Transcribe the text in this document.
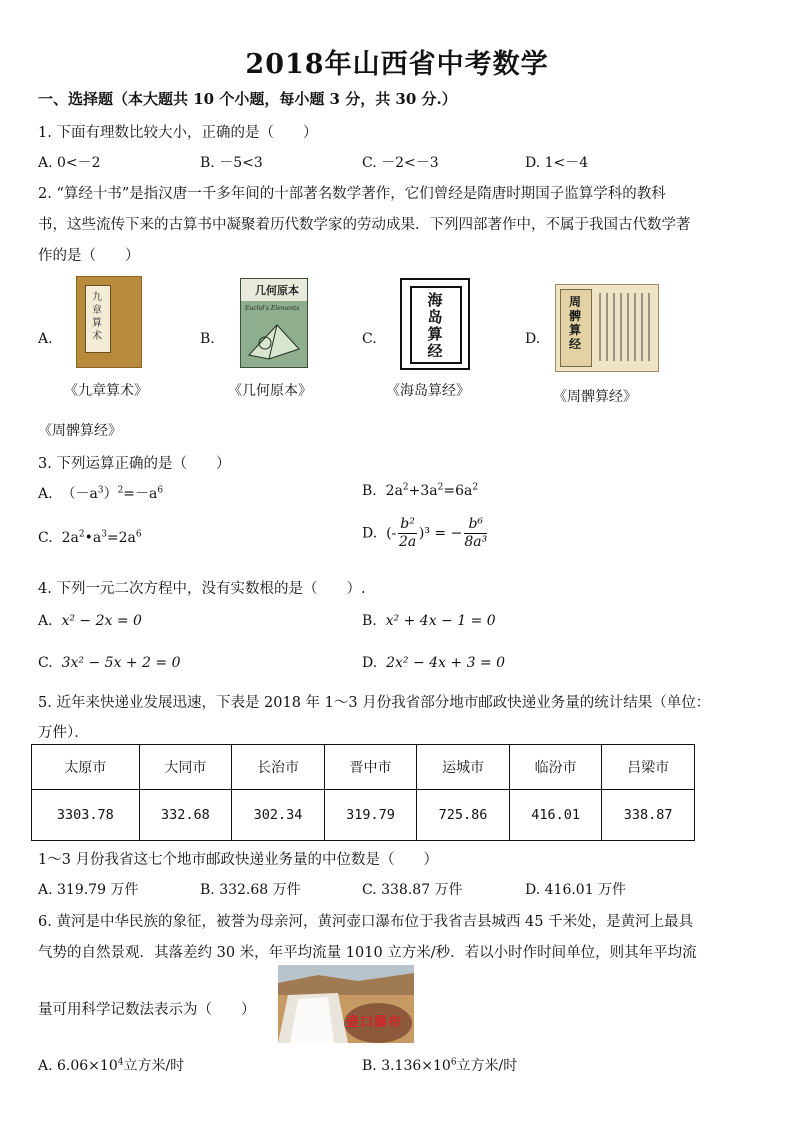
2018年山西省中考数学
一、选择题（本大题共 10 个小题，每小题 3 分，共 30 分.）
1. 下面有理数比较大小，正确的是（　　）
A. 0<－2	B. －5<3	C. －2<－3	D. 1<－4
2. “算经十书”是指汉唐一千多年间的十部著名数学著作，它们曾经是隋唐时期国子监算学科的教科
书，这些流传下来的古算书中凝聚着历代数学家的劳动成果．下列四部著作中，不属于我国古代数学著
作的是（　　）
A.	B.	C.	D.
九章算术
几何原本
Euclid's Elements	海岛算经
周髀算经
《九章算术》	《几何原本》	《海岛算经》	《周髀算经》
《周髀算经》
3. 下列运算正确的是（　　）
A. $(-a^3)^2=-a^6$	B. $2a^2+3a^2=6a^2$
C. $2a^2•a^3=2a^6$	D. (- $\frac{\text{b²}}{2a} )^3$ = − $\frac{\text{b⁶}}{\text{8a³}}$
4. 下列一元二次方程中，没有实数根的是（　　）.
A. x² − 2x = 0	B. x² + 4x − 1 = 0
C. 3x² − 5x + 2 = 0	D. 2x² − 4x + 3 = 0
5. 近年来快递业发展迅速，下表是 2018 年 1～3 月份我省部分地市邮政快递业务量的统计结果（单位：
万件）．
太原市	大同市	长治市	晋中市	运城市	临汾市	吕梁市
3303.78	332.68	302.34	319.79	725.86	416.01	338.87
1～3 月份我省这七个地市邮政快递业务量的中位数是（　　）
A. 319.79 万件	B. 332.68 万件	C. 338.87 万件	D. 416.01 万件
6. 黄河是中华民族的象征，被誉为母亲河，黄河壶口瀑布位于我省吉县城西 45 千米处，是黄河上最具
气势的自然景观．其落差约 30 米，年平均流量 1010 立方米/秒．若以小时作时间单位，则其年平均流
量可用科学记数法表示为（　　）
壶口瀑布
A. $6.06\times 10^4$立方米/时	B. $3.136\times 10^6$立方米/时
